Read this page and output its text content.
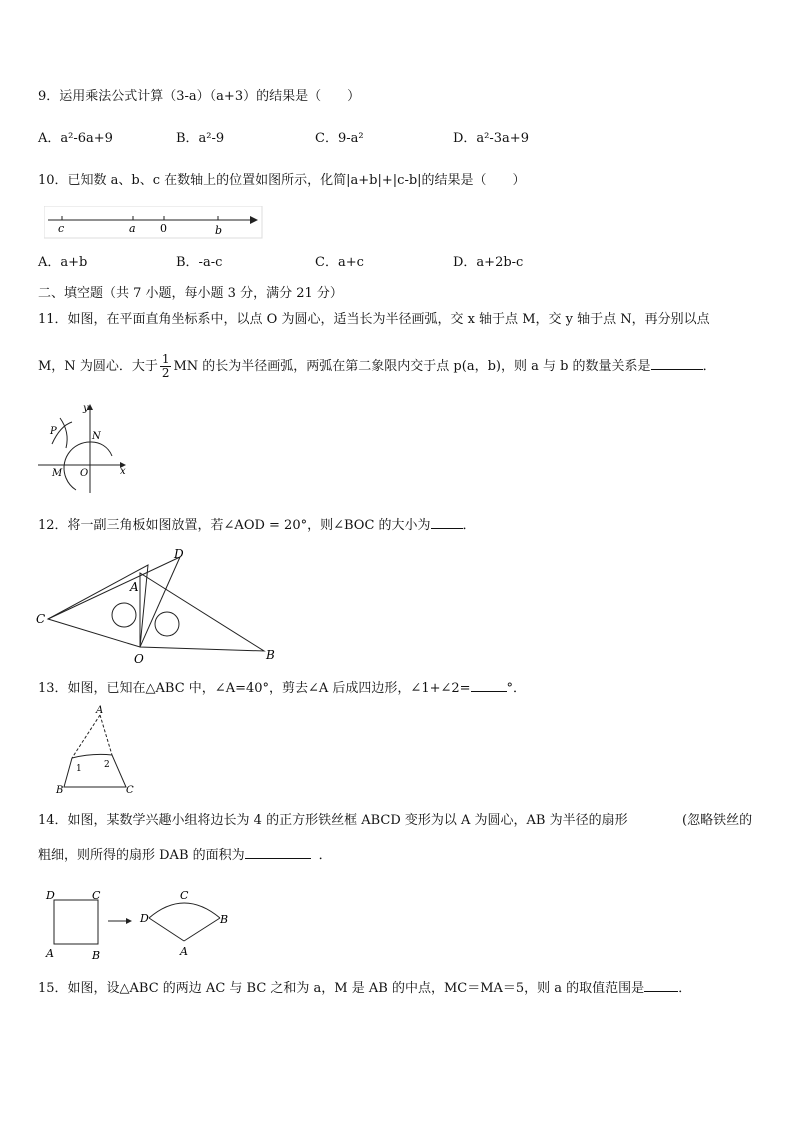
9．运用乘法公式计算（3-a）（a+3）的结果是（　　）
A．a²-6a+9	B．a²-9	C．9-a²	D．a²-3a+9
10．已知数 a、b、c 在数轴上的位置如图所示，化简|a+b|+|c-b|的结果是（　　）
c	a 0	b
A．a+b	B．-a-c	C．a+c	D．a+2b-c
二、填空题（共 7 小题，每小题 3 分，满分 21 分）
11．如图，在平面直角坐标系中，以点 O 为圆心，适当长为半径画弧，交 x 轴于点 M，交 y 轴于点 N，再分别以点
M，N 为圆心．大于 $\frac{1}{2}$ MN 的长为半径画弧，两弧在第二象限内交于点 p(a，b)，则 a 与 b 的数量关系是	．
y
x
P	N
M O
12．将一副三角板如图放置，若∠AOD = 20°，则∠BOC 的大小为 ．
C
A
D
O	B
13．如图，已知在△ABC 中，∠A=40°，剪去∠A 后成四边形，∠1+∠2=	°．
A
B	C
1 2
14．如图，某数学兴趣小组将边长为 4 的正方形铁丝框 ABCD 变形为以 A 为圆心，AB 为半径的扇形	(忽略铁丝的
粗细，则所得的扇形 DAB 的面积为	．
D	C
A	B
D
C
B
A
15．如图，设△ABC 的两边 AC 与 BC 之和为 a，M 是 AB 的中点，MC＝MA＝5，则 a 的取值范围是	．
